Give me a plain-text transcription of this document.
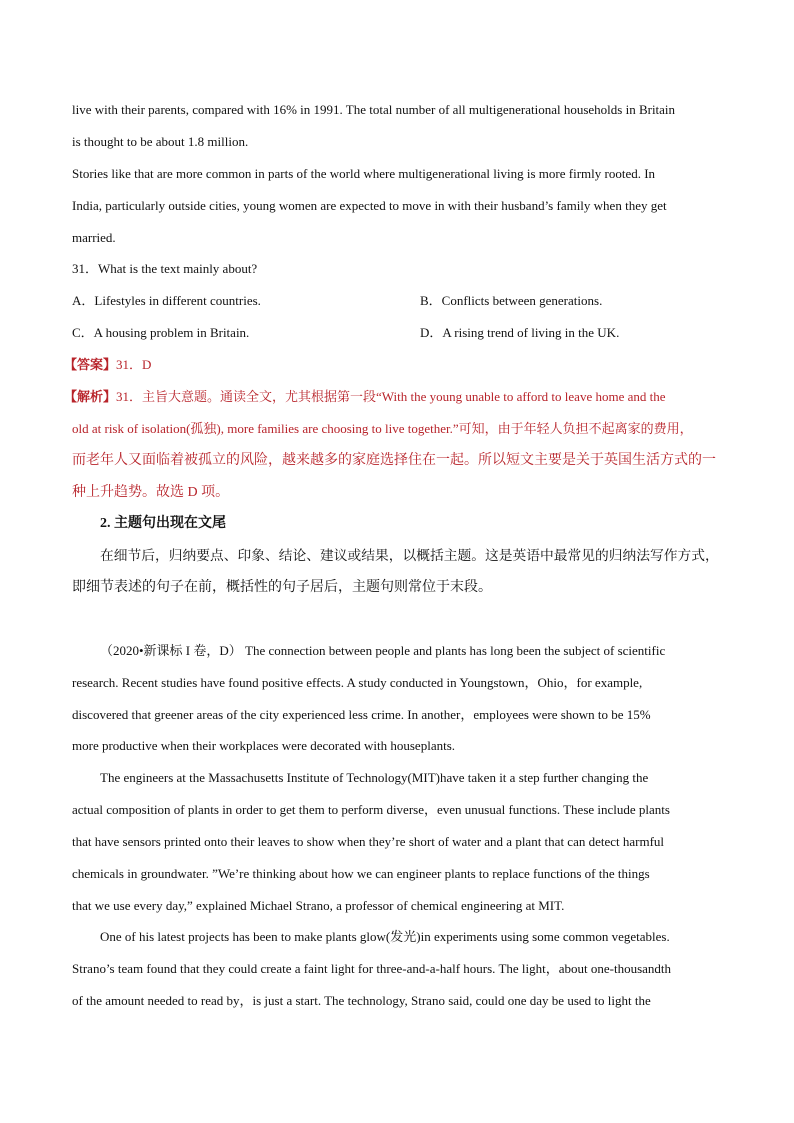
live with their parents, compared with 16% in 1991. The total number of all multigenerational households in Britain
is thought to be about 1.8 million.
Stories like that are more common in parts of the world where multigenerational living is more firmly rooted. In
India, particularly outside cities, young women are expected to move in with their husband’s family when they get
married.
31．What is the text mainly about?
A．Lifestyles in different countries.	B．Conflicts between generations.
C．A housing problem in Britain.	D．A rising trend of living in the UK.
【答案】31．D
【解析】31．主旨大意题。通读全文，尤其根据第一段“With the young unable to afford to leave home and the
old at risk of isolation(孤独), more families are choosing to live together.”可知，由于年轻人负担不起离家的费用，
而老年人又面临着被孤立的风险，越来越多的家庭选择住在一起。所以短文主要是关于英国生活方式的一
种上升趋势。故选 D 项。
2. 主题句出现在文尾
在细节后，归纳要点、印象、结论、建议或结果，以概括主题。这是英语中最常见的归纳法写作方式，
即细节表述的句子在前，概括性的句子居后，主题句则常位于末段。
（2020•新课标 I 卷，D） The connection between people and plants has long been the subject of scientific
research. Recent studies have found positive effects. A study conducted in Youngstown，Ohio，for example,
discovered that greener areas of the city experienced less crime. In another，employees were shown to be 15%
more productive when their workplaces were decorated with houseplants.
The engineers at the Massachusetts Institute of Technology(MIT)have taken it a step further changing the
actual composition of plants in order to get them to perform diverse，even unusual functions. These include plants
that have sensors printed onto their leaves to show when they’re short of water and a plant that can detect harmful
chemicals in groundwater. ”We’re thinking about how we can engineer plants to replace functions of the things
that we use every day,” explained Michael Strano, a professor of chemical engineering at MIT.
One of his latest projects has been to make plants glow(发光)in experiments using some common vegetables.
Strano’s team found that they could create a faint light for three-and-a-half hours. The light，about one-thousandth
of the amount needed to read by，is just a start. The technology, Strano said, could one day be used to light the
